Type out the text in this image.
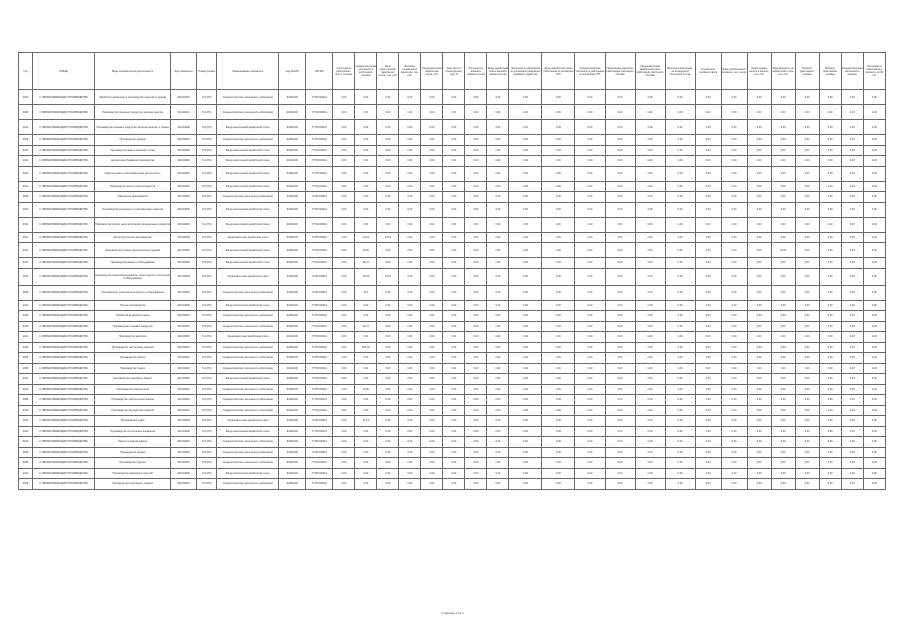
Год	ОКВЭД	Виды экономической деятельности	Код показателя	Номер формы	Наименование показателя	Код ОКАТО	ОКТМО	Численность работников - всего, человек	Среднесписочная численность работников, человек	Фонд начисленной заработной платы, тыс. руб.	Выплаты социального характера, тыс. руб.	Среднемесячная заработная плата, руб.	Темп роста к предыдущему году, %	Численность внешних совместителей	Фонд заработной платы внешних совместителей	Численность работников по договорам гражданско-правового характера	Фонд заработной платы работников по договорам ГПХ	Среднесписочная численность работников по договорам ГПХ	Начисленные выплаты работникам списочного состава	Среднемесячная заработная плата работников списочного состава	Выплаты работникам, не входящим в списочный состав	Отработано человеко-часов	Фонд отработанного времени, тыс. часов	Начисленные налоги и взносы, тыс. руб.	Задолженность по заработной плате, тыс. руб.	Принято работников, человек	Выбыло работников, человек	Среднесписочная численность женщин	Численность работников в возрасте до 30 лет
2010	С ОБРАБАТЫВАЮЩИЕ ПРОИЗВОДСТВА	Обработка древесины и производство изделий из дерева	101004001	П-4 (НЗ)	Среднесписочная численность работников	94401000	77701000001	0,00	0,00	0,00	0,00	0,00	0,00	0,00	0,00	0,00	0,00	0,00	0,00	0,00	0,00	0,00	0,00	0,00	0,00	0,00	0,00	0,00	0,00
2009	С ОБРАБАТЫВАЮЩИЕ ПРОИЗВОДСТВА	Производство пищевых продуктов, включая напитки	101004001	П-4 (НЗ)	Среднесписочная численность работников	94401000	77701000001	0,00	0,00	0,00	0,00	0,00	0,00	0,00	0,00	0,00	0,00	0,00	0,00	0,00	0,00	0,00	0,00	0,00	0,00	0,00	0,00	0,00	0,00
2012	С ОБРАБАТЫВАЮЩИЕ ПРОИЗВОДСТВА	Производство пищевых продуктов, включая напитки, и табака	101004002	П-4 (НЗ)	Фонд начисленной заработной платы	94401000	77701000001	0,00	5,09	0,00	0,00	0,00	0,00	0,00	0,00	0,00	0,00	0,00	0,00	0,00	0,00	0,00	0,00	0,00	0,00	0,00	0,00	0,00	0,00
2008	С ОБРАБАТЫВАЮЩИЕ ПРОИЗВОДСТВА	Производство одежды	101004001	П-4 (НЗ)	Среднесписочная численность работников	94401000	77701000001	0,00	0,00	0,00	0,00	0,00	0,00	0,00	0,00	0,00	0,00	0,00	0,00	0,00	0,00	0,00	0,00	0,00	0,00	0,00	0,00	0,00	0,00
2012	С ОБРАБАТЫВАЮЩИЕ ПРОИЗВОДСТВА	Производство кожи и изделий из кожи	101004002	П-4 (НЗ)	Фонд начисленной заработной платы	94401000	77701000001	0,00	0,00	0,00	0,00	0,00	0,00	0,00	0,00	0,00	0,00	0,00	0,00	0,00	0,00	0,00	0,00	0,00	0,00	0,00	0,00	0,00	0,00
2012	С ОБРАБАТЫВАЮЩИЕ ПРОИЗВОДСТВА	Целлюлозно-бумажное производство	101004002	П-4 (НЗ)	Фонд начисленной заработной платы	94401000	77701000001	0,00	0,00	0,00	0,00	0,00	0,00	0,00	0,00	0,00	0,00	0,00	0,00	0,00	0,00	0,00	0,00	0,00	0,00	0,00	0,00	0,00	0,00
2012	С ОБРАБАТЫВАЮЩИЕ ПРОИЗВОДСТВА	Издательская и полиграфическая деятельность	101004002	П-4 (НЗ)	Фонд начисленной заработной платы	94401000	77701000001	0,00	0,00	0,00	0,00	0,00	0,00	0,00	0,00	0,00	0,00	0,00	0,00	0,00	0,00	0,00	0,00	0,00	0,00	0,00	0,00	0,00	0,00
2012	С ОБРАБАТЫВАЮЩИЕ ПРОИЗВОДСТВА	Производство кокса и нефтепродуктов	101004002	П-4 (НЗ)	Фонд начисленной заработной платы	94401000	77701000001	0,00	0,00	0,00	0,00	0,00	0,00	0,00	0,00	0,00	0,00	0,00	0,00	0,00	0,00	0,00	0,00	0,00	0,00	0,00	0,00	0,00	0,00
2008	С ОБРАБАТЫВАЮЩИЕ ПРОИЗВОДСТВА	Химическое производство	101004001	П-4 (НЗ)	Среднесписочная численность работников	94401000	77701000001	0,00	0,00	0,00	0,00	0,00	0,00	0,00	0,00	0,00	0,00	0,00	0,00	0,00	0,00	0,00	0,00	0,00	0,00	0,00	0,00	0,00	0,00
2012	С ОБРАБАТЫВАЮЩИЕ ПРОИЗВОДСТВА	Производство резиновых и пластмассовых изделий	101004002	П-4 (НЗ)	Фонд начисленной заработной платы	94401000	77701000001	0,00	0,00	0,00	0,00	0,00	0,00	0,00	0,00	0,00	0,00	0,00	0,00	0,00	0,00	0,00	0,00	0,00	0,00	0,00	0,00	0,00	0,00
2012	С ОБРАБАТЫВАЮЩИЕ ПРОИЗВОДСТВА	Производство прочих неметаллических минеральных продуктов	101004002	П-4 (НЗ)	Фонд начисленной заработной платы	94401000	77701000001	0,00	0,00	0,00	0,00	0,00	0,00	0,00	0,00	0,00	0,00	0,00	0,00	0,00	0,00	0,00	0,00	0,00	0,00	0,00	0,00	0,00	0,00
2011	С ОБРАБАТЫВАЮЩИЕ ПРОИЗВОДСТВА	Металлургическое производство	101004003	П-4 (НЗ)	Среднемесячная заработная плата	94401000	77701000001	0,00	13,19	13,19	0,00	0,00	0,00	0,00	0,00	0,00	0,00	0,00	0,00	0,00	0,00	0,00	0,00	0,00	0,00	0,00	0,00	0,00	0,00
2012	С ОБРАБАТЫВАЮЩИЕ ПРОИЗВОДСТВА	Производство готовых металлических изделий	101004002	П-4 (НЗ)	Фонд начисленной заработной платы	94401000	77701000001	0,00	13,60	0,00	0,00	0,00	0,00	0,00	0,00	0,00	0,00	0,00	0,00	0,00	0,00	0,00	0,00	0,00	13,60	0,00	0,00	0,00	0,00
2012	С ОБРАБАТЫВАЮЩИЕ ПРОИЗВОДСТВА	Производство машин и оборудования	101004002	П-4 (НЗ)	Фонд начисленной заработной платы	94401000	77701000001	0,00	36,72	0,00	0,00	0,00	0,00	0,00	0,00	0,00	0,00	0,00	0,00	0,00	0,00	0,00	0,00	0,00	0,00	0,00	0,00	0,00	0,00
2011	С ОБРАБАТЫВАЮЩИЕ ПРОИЗВОДСТВА	Производство электрооборудования, электронного и оптического оборудования	101004003	П-4 (НЗ)	Среднемесячная заработная плата	94401000	77701000001	0,00	13,19	13,19	0,00	0,00	0,00	0,00	0,00	0,00	0,00	0,00	0,00	0,00	0,00	0,00	0,00	0,00	0,00	0,00	0,00	0,00	0,00
2008	С ОБРАБАТЫВАЮЩИЕ ПРОИЗВОДСТВА	Производство транспортных средств и оборудования	101004001	П-4 (НЗ)	Среднесписочная численность работников	94401000	77701000001	0,00	14,3	0,00	0,00	0,00	0,00	0,00	0,00	0,00	0,00	0,00	0,00	0,00	0,00	0,00	0,00	0,00	0,00	0,00	0,00	0,00	0,00
2012	С ОБРАБАТЫВАЮЩИЕ ПРОИЗВОДСТВА	Прочие производства	101004002	П-4 (НЗ)	Фонд начисленной заработной платы	94401000	77701000001	0,00	0,00	0,00	0,00	0,00	0,00	0,00	0,00	0,00	0,00	0,00	0,00	0,00	0,00	0,00	0,00	0,00	0,00	0,00	0,00	0,00	0,00
2010	С ОБРАБАТЫВАЮЩИЕ ПРОИЗВОДСТВА	Обработка вторичного сырья	101004001	П-4 (НЗ)	Среднесписочная численность работников	94401000	77701000001	0,00	0,00	0,00	0,00	0,00	0,00	0,00	0,00	0,00	0,00	0,00	0,00	0,00	0,00	0,00	0,00	0,00	0,00	0,00	0,00	0,00	0,00
2010	С ОБРАБАТЫВАЮЩИЕ ПРОИЗВОДСТВА	Производство пищевых продуктов	101004001	П-4 (НЗ)	Среднесписочная численность работников	94401000	77701000001	0,00	24,27	0,00	0,00	0,00	0,00	0,00	0,00	0,00	0,00	0,00	0,00	0,00	0,00	0,00	0,00	0,00	0,00	0,00	0,00	0,00	0,00
2011	С ОБРАБАТЫВАЮЩИЕ ПРОИЗВОДСТВА	Производство напитков	101004003	П-4 (НЗ)	Среднемесячная заработная плата	94401000	77701000001	0,00	0,00	0,00	0,00	0,00	0,00	0,00	0,00	0,00	0,00	0,00	0,00	0,00	0,00	0,00	0,00	0,00	0,00	0,00	0,00	0,00	0,00
2010	С ОБРАБАТЫВАЮЩИЕ ПРОИЗВОДСТВА	Производство текстильных изделий	101004001	П-4 (НЗ)	Среднесписочная численность работников	94401000	77701000001	0,00	266,36	0,00	0,00	0,00	0,00	0,00	0,00	0,00	0,00	0,00	0,00	0,00	0,00	0,00	0,00	0,00	0,00	0,00	0,00	0,00	0,00
2008	С ОБРАБАТЫВАЮЩИЕ ПРОИЗВОДСТВА	Производство мебели	101004001	П-4 (НЗ)	Среднесписочная численность работников	94401000	77701000001	0,00	0,00	0,00	0,00	0,00	0,00	0,00	0,00	0,00	0,00	0,00	0,00	0,00	0,00	0,00	0,00	0,00	0,00	0,00	0,00	0,00	0,00
2008	С ОБРАБАТЫВАЮЩИЕ ПРОИЗВОДСТВА	Производство бумаги	101004001	П-4 (НЗ)	Среднесписочная численность работников	94401000	77701000001	0,00	0,00	0,00	0,00	0,00	0,00	0,00	0,00	0,00	0,00	0,00	0,00	0,00	0,00	0,00	0,00	0,00	0,00	0,00	0,00	0,00	0,00
2012	С ОБРАБАТЫВАЮЩИЕ ПРОИЗВОДСТВА	Производство изделий из бумаги	101004002	П-4 (НЗ)	Фонд начисленной заработной платы	94401000	77701000001	0,00	0,00	0,00	0,00	0,00	0,00	0,00	0,00	0,00	0,00	0,00	0,00	0,00	0,00	0,00	0,00	0,00	0,00	0,00	0,00	0,00	0,00
2010	С ОБРАБАТЫВАЮЩИЕ ПРОИЗВОДСТВА	Производство компьютеров	101004001	П-4 (НЗ)	Среднесписочная численность работников	94401000	77701000001	0,00	13,60	0,00	0,00	0,00	0,00	0,00	0,00	0,00	0,00	0,00	0,00	0,00	0,00	0,00	0,00	0,00	0,00	0,00	0,00	0,00	0,00
2008	С ОБРАБАТЫВАЮЩИЕ ПРОИЗВОДСТВА	Производство электрических машин	101004001	П-4 (НЗ)	Среднесписочная численность работников	94401000	77701000001	0,00	0,00	0,00	0,00	0,00	0,00	0,00	0,00	0,00	0,00	0,00	0,00	0,00	0,00	0,00	0,00	0,00	0,00	0,00	0,00	0,00	0,00
2010	С ОБРАБАТЫВАЮЩИЕ ПРОИЗВОДСТВА	Производство медицинских изделий	101004001	П-4 (НЗ)	Среднесписочная численность работников	94401000	77701000001	0,00	0,00	0,00	0,00	0,00	0,00	0,00	0,00	0,00	0,00	0,00	0,00	0,00	0,00	0,00	0,00	0,00	0,00	0,00	0,00	0,00	0,00
2011	С ОБРАБАТЫВАЮЩИЕ ПРОИЗВОДСТВА	Производство судов	101004003	П-4 (НЗ)	Среднемесячная заработная плата	94401000	77701000001	0,00	11,19	0,00	0,00	0,00	0,00	0,00	0,00	0,00	0,00	0,00	0,00	0,00	0,00	0,00	0,00	0,00	0,00	0,00	0,00	0,00	0,00
2012	С ОБРАБАТЫВАЮЩИЕ ПРОИЗВОДСТВА	Производство летательных аппаратов	101004002	П-4 (НЗ)	Фонд начисленной заработной платы	94401000	77701000001	0,00	0,00	0,00	0,00	0,00	0,00	0,00	0,00	0,00	0,00	0,00	0,00	0,00	0,00	0,00	0,00	0,00	0,00	0,00	0,00	0,00	0,00
2010	С ОБРАБАТЫВАЮЩИЕ ПРОИЗВОДСТВА	Ремонт и монтаж машин	101004001	П-4 (НЗ)	Среднесписочная численность работников	94401000	77701000001	0,00	0,00	0,00	0,00	0,00	0,00	0,00	0,00	0,00	0,00	0,00	0,00	0,00	0,00	0,00	0,00	0,00	0,00	0,00	0,00	0,00	0,00
2008	С ОБРАБАТЫВАЮЩИЕ ПРОИЗВОДСТВА	Производство оружия	101004001	П-4 (НЗ)	Среднесписочная численность работников	94401000	77701000001	0,00	0,00	0,00	0,00	0,00	0,00	0,00	0,00	0,00	0,00	0,00	0,00	0,00	0,00	0,00	0,00	0,00	0,00	0,00	0,00	0,00	0,00
2008	С ОБРАБАТЫВАЮЩИЕ ПРОИЗВОДСТВА	Производство игрушек	101004001	П-4 (НЗ)	Среднесписочная численность работников	94401000	77701000001	0,00	0,00	0,00	0,00	0,00	0,00	0,00	0,00	0,00	0,00	0,00	0,00	0,00	0,00	0,00	0,00	0,00	0,00	0,00	0,00	0,00	0,00
2012	С ОБРАБАТЫВАЮЩИЕ ПРОИЗВОДСТВА	Производство ювелирных изделий	101004002	П-4 (НЗ)	Фонд начисленной заработной платы	94401000	77701000001	0,00	0,00	0,00	0,00	0,00	0,00	0,00	0,00	0,00	0,00	0,00	0,00	0,00	0,00	0,00	0,00	0,00	0,00	0,00	0,00	0,00	0,00
2008	С ОБРАБАТЫВАЮЩИЕ ПРОИЗВОДСТВА	Производство спортивных товаров	101004001	П-4 (НЗ)	Среднесписочная численность работников	94401000	77701000001	0,00	0,00	0,00	0,00	0,00	0,00	0,00	0,00	0,00	0,00	0,00	0,00	0,00	0,00	0,00	0,00	0,00	0,00	0,00	0,00	0,00	0,00
Страница 1 из 1
